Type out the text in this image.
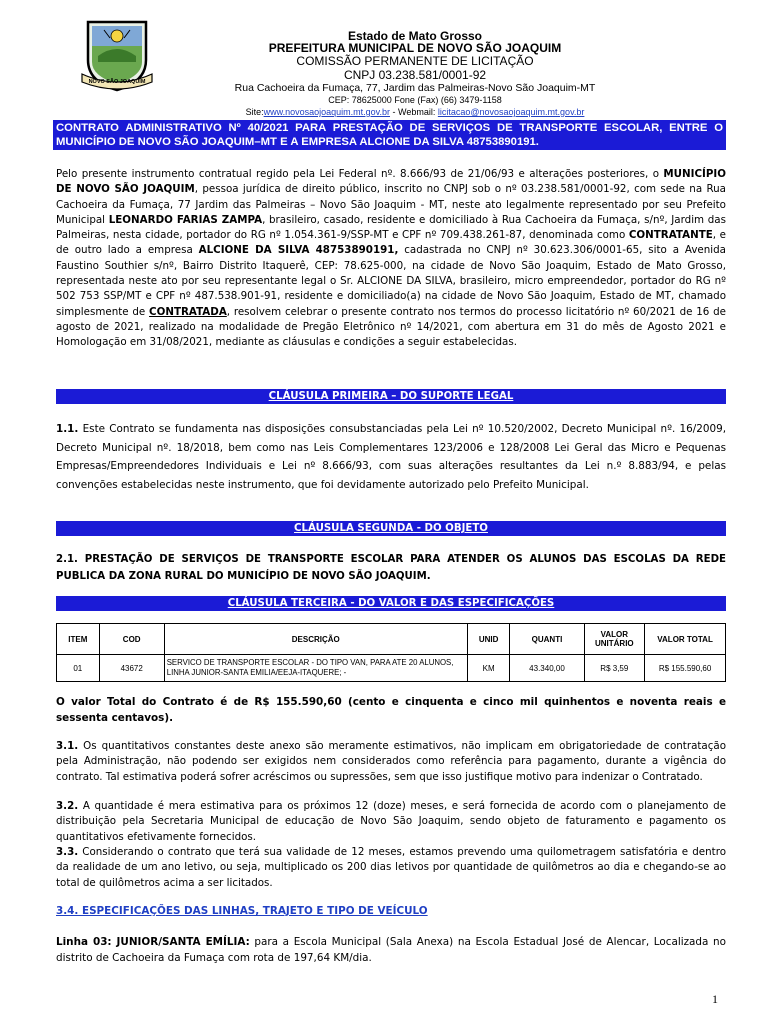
NOVO SÃO JOAQUIM
Estado de Mato Grosso
PREFEITURA MUNICIPAL DE NOVO SÃO JOAQUIM
COMISSÃO PERMANENTE DE LICITAÇÃO
CNPJ 03.238.581/0001-92
Rua Cachoeira da Fumaça, 77, Jardim das Palmeiras-Novo São Joaquim-MT
CEP: 78625000 Fone (Fax) (66) 3479-1158
Site:www.novosaojoaquim.mt.gov.br - Webmail: licitacao@novosaojoaquim.mt.gov.br
CONTRATO ADMINISTRATIVO Nº 40/2021 PARA PRESTAÇÃO DE SERVIÇOS DE TRANSPORTE ESCOLAR, ENTRE O MUNICÍPIO DE NOVO SÃO JOAQUIM–MT E A EMPRESA ALCIONE DA SILVA 48753890191.
Pelo presente instrumento contratual regido pela Lei Federal nº. 8.666/93 de 21/06/93 e alterações posteriores, o MUNICÍPIO DE NOVO SÃO JOAQUIM, pessoa jurídica de direito público, inscrito no CNPJ sob o nº 03.238.581/0001-92, com sede na Rua Cachoeira da Fumaça, 77 Jardim das Palmeiras – Novo São Joaquim - MT, neste ato legalmente representado por seu Prefeito Municipal LEONARDO FARIAS ZAMPA, brasileiro, casado, residente e domiciliado à Rua Cachoeira da Fumaça, s/nº, Jardim das Palmeiras, nesta cidade, portador do RG nº 1.054.361-9/SSP-MT e CPF nº 709.438.261-87, denominada como CONTRATANTE, e de outro lado a empresa ALCIONE DA SILVA 48753890191, cadastrada no CNPJ nº 30.623.306/0001-65, sito a Avenida Faustino Southier s/nº, Bairro Distrito Itaquerê, CEP: 78.625-000, na cidade de Novo São Joaquim, Estado de Mato Grosso, representada neste ato por seu representante legal o Sr. ALCIONE DA SILVA, brasileiro, micro empreendedor, portador do RG nº 502 753 SSP/MT e CPF nº 487.538.901-91, residente e domiciliado(a) na cidade de Novo São Joaquim, Estado de MT, chamado simplesmente de CONTRATADA, resolvem celebrar o presente contrato nos termos do processo licitatório nº 60/2021 de 16 de agosto de 2021, realizado na modalidade de Pregão Eletrônico nº 14/2021, com abertura em 31 do mês de Agosto 2021 e Homologação em 31/08/2021, mediante as cláusulas e condições a seguir estabelecidas.
CLÁUSULA PRIMEIRA – DO SUPORTE LEGAL
1.1. Este Contrato se fundamenta nas disposições consubstanciadas pela Lei nº 10.520/2002, Decreto Municipal nº. 16/2009, Decreto Municipal nº. 18/2018, bem como nas Leis Complementares 123/2006 e 128/2008 Lei Geral das Micro e Pequenas Empresas/Empreendedores Individuais e Lei nº 8.666/93, com suas alterações resultantes da Lei n.º 8.883/94, e pelas convenções estabelecidas neste instrumento, que foi devidamente autorizado pelo Prefeito Municipal.
CLÁUSULA SEGUNDA - DO OBJETO
2.1. PRESTAÇÃO DE SERVIÇOS DE TRANSPORTE ESCOLAR PARA ATENDER OS ALUNOS DAS ESCOLAS DA REDE PUBLICA DA ZONA RURAL DO MUNICÍPIO DE NOVO SÃO JOAQUIM.
CLÁUSULA TERCEIRA - DO VALOR E DAS ESPECIFICAÇÕES
ITEM	COD	DESCRIÇÃO	UNID	QUANTI	VALOR UNITÁRIO	VALOR TOTAL
01	43672	SERVICO DE TRANSPORTE ESCOLAR - DO TIPO VAN, PARA ATE 20 ALUNOS, LINHA JUNIOR-SANTA EMILIA/EEJA-ITAQUERE; -	KM	43.340,00	R$ 3,59	R$ 155.590,60
O valor Total do Contrato é de R$ 155.590,60 (cento e cinquenta e cinco mil quinhentos e noventa reais e sessenta centavos).
3.1. Os quantitativos constantes deste anexo são meramente estimativos, não implicam em obrigatoriedade de contratação pela Administração, não podendo ser exigidos nem considerados como referência para pagamento, durante a vigência do contrato. Tal estimativa poderá sofrer acréscimos ou supressões, sem que isso justifique motivo para indenizar o Contratado.
3.2. A quantidade é mera estimativa para os próximos 12 (doze) meses, e será fornecida de acordo com o planejamento de distribuição pela Secretaria Municipal de educação de Novo São Joaquim, sendo objeto de faturamento e pagamento os quantitativos efetivamente fornecidos.
3.3. Considerando o contrato que terá sua validade de 12 meses, estamos prevendo uma quilometragem satisfatória e dentro da realidade de um ano letivo, ou seja, multiplicado os 200 dias letivos por quantidade de quilômetros ao dia e chegando-se ao total de quilômetros acima a ser licitados.
3.4. ESPECIFICAÇÕES DAS LINHAS, TRAJETO E TIPO DE VEÍCULO
Linha 03: JUNIOR/SANTA EMÍLIA: para a Escola Municipal (Sala Anexa) na Escola Estadual José de Alencar, Localizada no distrito de Cachoeira da Fumaça com rota de 197,64 KM/dia.
1
